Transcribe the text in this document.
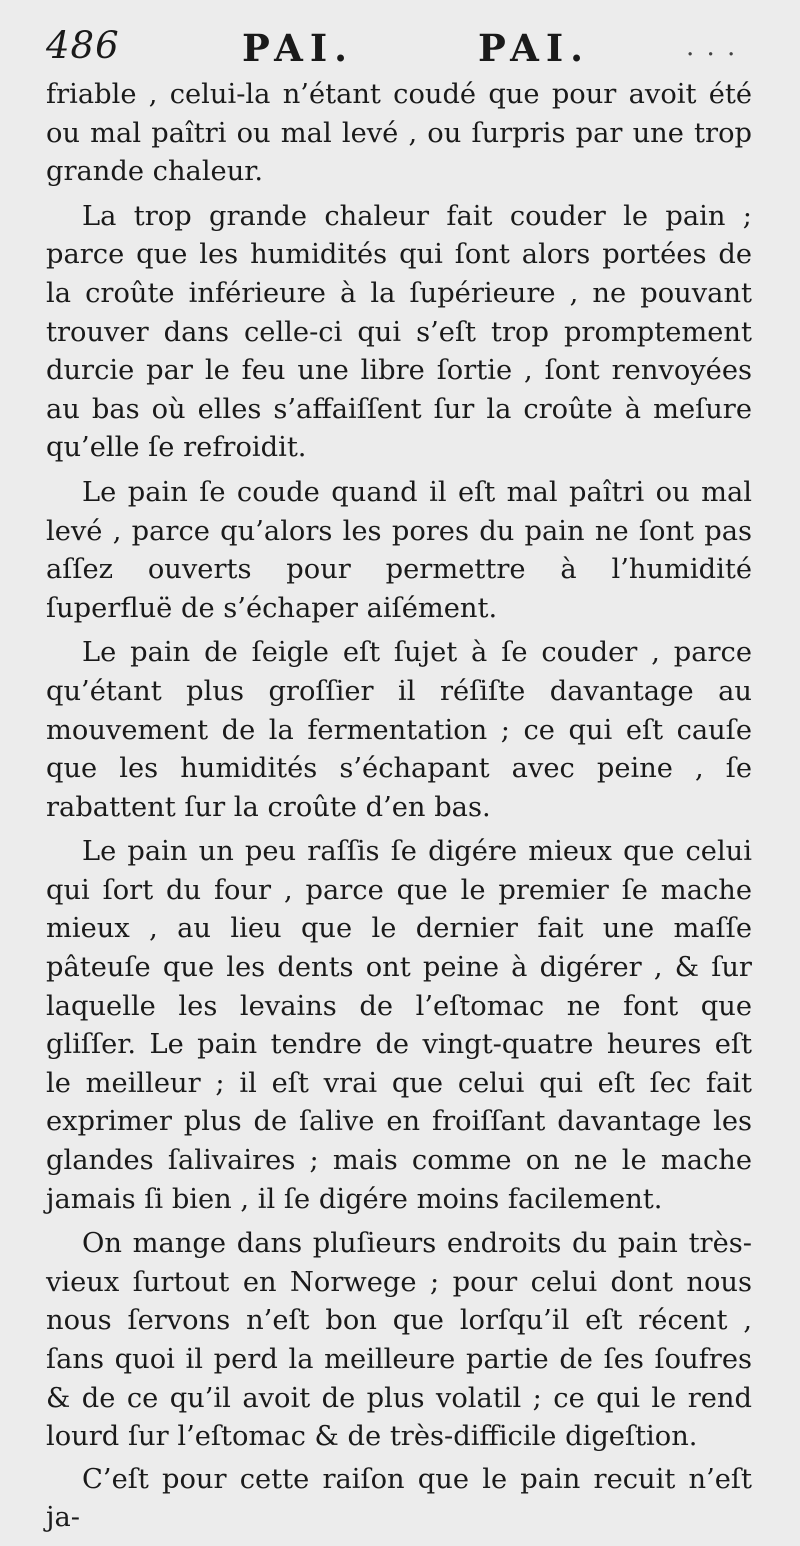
486	PAI.	PAI.	. . .

friable , celui-la n’étant coudé que pour avoit été ou mal paîtri ou mal levé , ou ſurpris par une trop grande chaleur.

La trop grande chaleur fait couder le pain ; parce que les humidités qui ſont alors portées de la croûte inférieure à la ſupérieure , ne pouvant trouver dans celle-ci qui s’eſt trop promptement durcie par le feu une libre ſortie , ſont renvoyées au bas où elles s’affaiſſent ſur la croûte à meſure qu’elle ſe refroidit.

Le pain ſe coude quand il eſt mal paîtri ou mal levé , parce qu’alors les pores du pain ne ſont pas aſſez ouverts pour permettre à l’humidité ſuperfluë de s’échaper aiſément.

Le pain de ſeigle eſt ſujet à ſe couder , parce qu’étant plus groſſier il réſiſte davantage au mouvement de la fermentation ; ce qui eſt cauſe que les humidités s’échapant avec peine , ſe rabattent ſur la croûte d’en bas.

Le pain un peu raſſis ſe digére mieux que celui qui ſort du four , parce que le premier ſe mache mieux , au lieu que le dernier fait une maſſe pâteuſe que les dents ont peine à digérer , & ſur laquelle les levains de l’eſtomac ne font que gliſſer. Le pain tendre de vingt-quatre heures eſt le meilleur ; il eſt vrai que celui qui eſt ſec fait exprimer plus de ſalive en froiſſant davantage les glandes ſalivaires ; mais comme on ne le mache jamais ſi bien , il ſe digére moins facilement.

On mange dans pluſieurs endroits du pain très-vieux ſurtout en Norwege ; pour celui dont nous nous ſervons n’eſt bon que lorſqu’il eſt récent , ſans quoi il perd la meilleure partie de ſes ſoufres & de ce qu’il avoit de plus volatil ; ce qui le rend lourd ſur l’eſtomac & de très-difficile digeſtion.

C’eſt pour cette raiſon que le pain recuit n’eſt ja-
